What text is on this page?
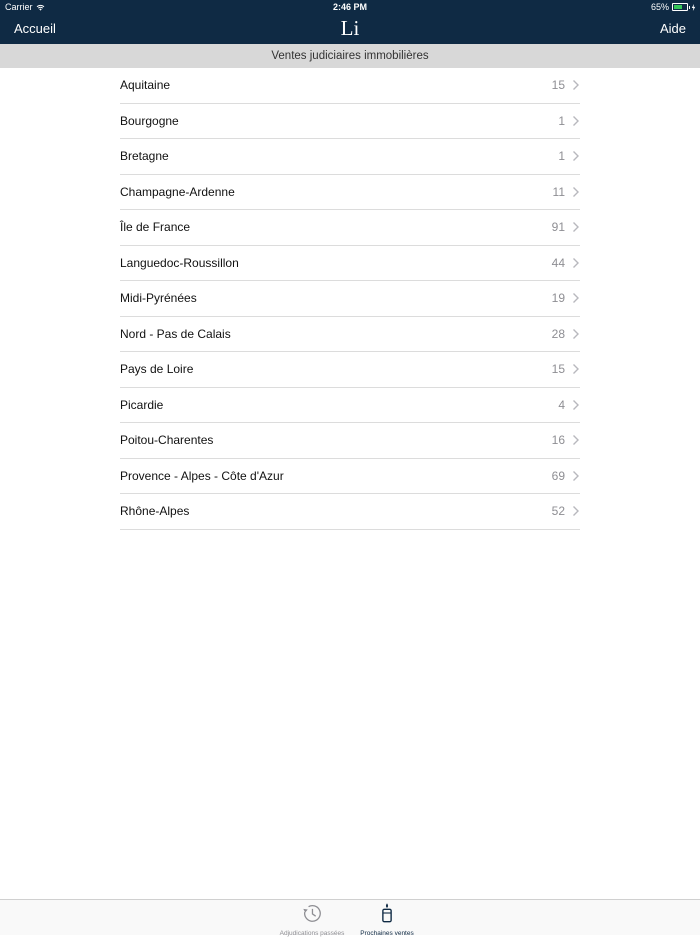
Carrier	2:46 PM	65%
Accueil	Li	Aide
Ventes judiciaires immobilières
Aquitaine	15
Bourgogne	1
Bretagne	1
Champagne-Ardenne	11
Île de France	91
Languedoc-Roussillon	44
Midi-Pyrénées	19
Nord - Pas de Calais	28
Pays de Loire	15
Picardie	4
Poitou-Charentes	16
Provence - Alpes - Côte d'Azur	69
Rhône-Alpes	52
Adjudications passées	Prochaines ventes
